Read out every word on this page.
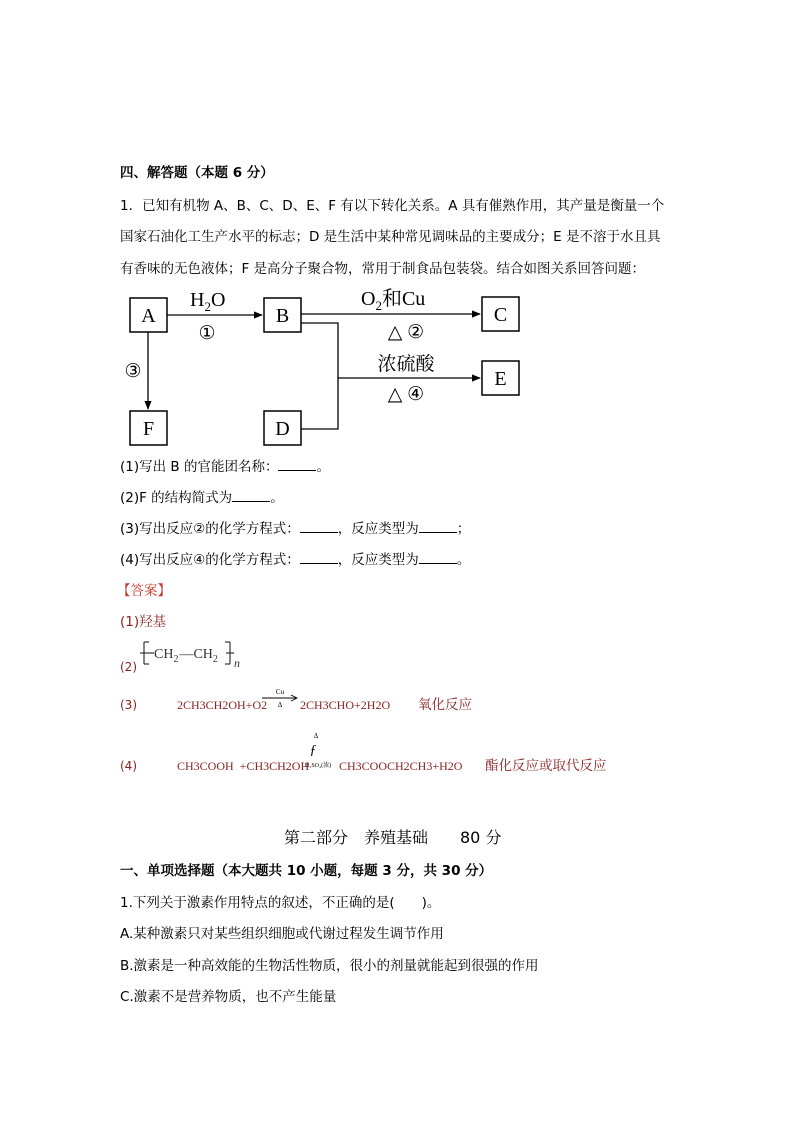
四、解答题（本题 6 分）
1．已知有机物 A、B、C、D、E、F 有以下转化关系。A 具有催熟作用，其产量是衡量一个
国家石油化工生产水平的标志；D 是生活中某种常见调味品的主要成分；E 是不溶于水且具
有香味的无色液体；F 是高分子聚合物，常用于制食品包装袋。结合如图关系回答问题：
A	B	C
E
F	D
$H_2O$
①
$O_2$和Cu
△ ②
浓硫酸
△ ④
③
(1)写出 B 的官能团名称：	。
(2)F 的结构简式为	。
(3)写出反应②的化学方程式：	，反应类型为	；
(4)写出反应④的化学方程式：	，反应类型为	。
【答案】
(1)羟基
(2)
$CH_2—CH_2$ n
(3)	2CH3CH2OH+O2
Cu
Δ 2CH3CHO+2H2O 氧化反应
(4)	CH3COOH  +CH3CH2OH
Δ
ƒ
H₂SO₄(浓) CH3COOCH2CH3+H2O 酯化反应或取代反应
第二部分　养殖基础　　80 分
一、单项选择题（本大题共 10 小题，每题 3 分，共 30 分）
1.下列关于激素作用特点的叙述，不正确的是(　　)。
A.某种激素只对某些组织细胞或代谢过程发生调节作用
B.激素是一种高效能的生物活性物质，很小的剂量就能起到很强的作用
C.激素不是营养物质，也不产生能量
